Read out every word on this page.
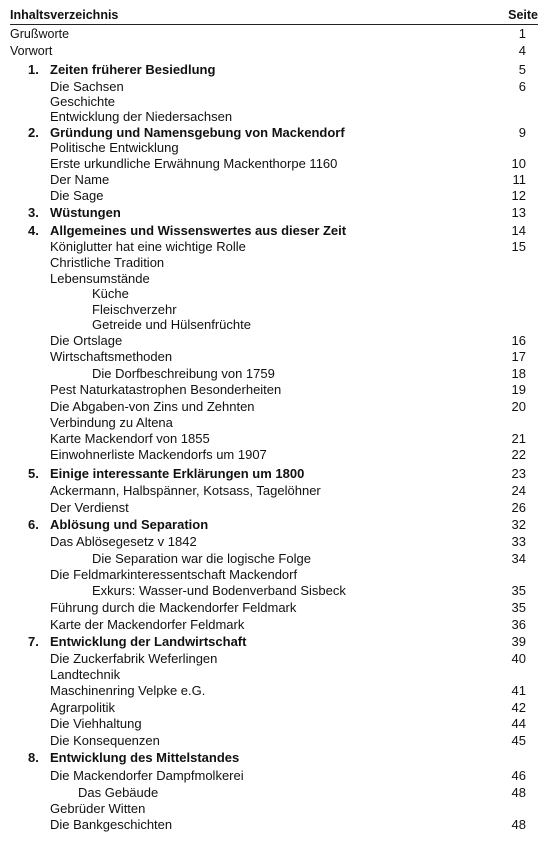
Inhaltsverzeichnis	Seite
Grußworte	1
Vorwort	4
1. Zeiten früherer Besiedlung	5
Die Sachsen	6
Geschichte
Entwicklung der Niedersachsen
2. Gründung und Namensgebung von Mackendorf	9
Politische Entwicklung
Erste urkundliche Erwähnung Mackenthorpe 1160	10
Der Name	11
Die Sage	12
3. Wüstungen	13
4. Allgemeines und Wissenswertes aus dieser Zeit	14
Königlutter hat eine wichtige Rolle	15
Christliche Tradition
Lebensumstände
Küche
Fleischverzehr
Getreide und Hülsenfrüchte
Die Ortslage	16
Wirtschaftsmethoden	17
Die Dorfbeschreibung von 1759	18
Pest Naturkatastrophen Besonderheiten	19
Die Abgaben-von Zins und Zehnten	20
Verbindung zu Altena
Karte Mackendorf von 1855	21
Einwohnerliste Mackendorfs um 1907	22
5. Einige interessante Erklärungen um 1800	23
Ackermann, Halbspänner, Kotsass, Tagelöhner	24
Der Verdienst	26
6. Ablösung und Separation	32
Das Ablösegesetz v 1842	33
Die Separation war die logische Folge	34
Die Feldmarkinteressentschaft Mackendorf
Exkurs: Wasser-und Bodenverband Sisbeck	35
Führung durch die Mackendorfer Feldmark	35
Karte der Mackendorfer Feldmark	36
7. Entwicklung der Landwirtschaft	39
Die Zuckerfabrik Weferlingen	40
Landtechnik
Maschinenring Velpke e.G.	41
Agrarpolitik	42
Die Viehhaltung	44
Die Konsequenzen	45
8. Entwicklung des Mittelstandes
Die Mackendorfer Dampfmolkerei	46
Das Gebäude	48
Gebrüder Witten
Die Bankgeschichten	48
